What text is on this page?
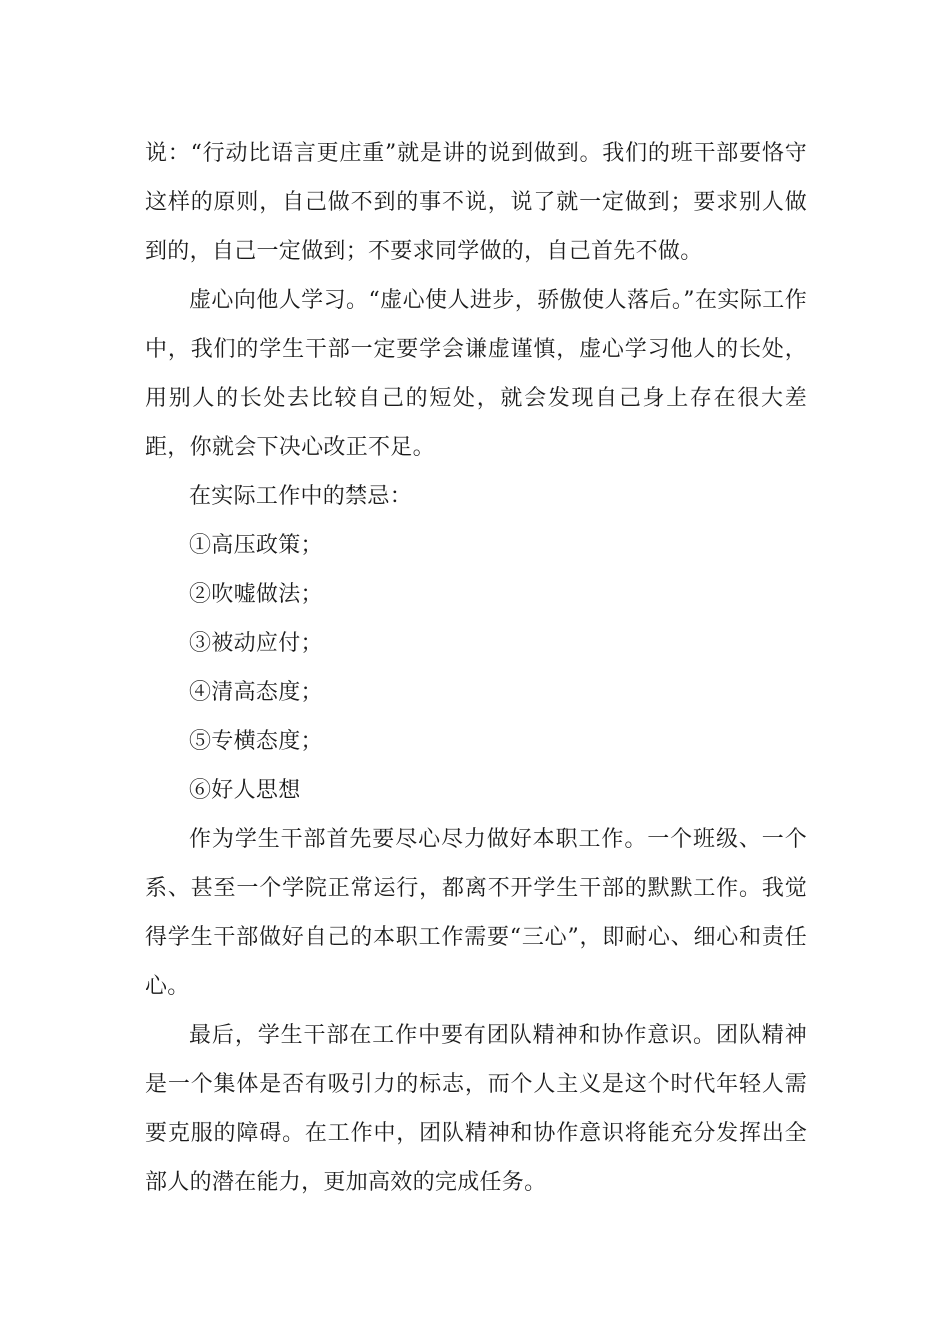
说：“行动比语言更庄重”就是讲的说到做到。我们的班干部要恪守这样的原则，自己做不到的事不说，说了就一定做到；要求别人做到的，自己一定做到；不要求同学做的，自己首先不做。

虚心向他人学习。“虚心使人进步，骄傲使人落后。”在实际工作中，我们的学生干部一定要学会谦虚谨慎，虚心学习他人的长处，用别人的长处去比较自己的短处，就会发现自己身上存在很大差距，你就会下决心改正不足。

在实际工作中的禁忌：

①高压政策；

②吹嘘做法；

③被动应付；

④清高态度；

⑤专横态度；

⑥好人思想

作为学生干部首先要尽心尽力做好本职工作。一个班级、一个系、甚至一个学院正常运行，都离不开学生干部的默默工作。我觉得学生干部做好自己的本职工作需要“三心”，即耐心、细心和责任心。

最后，学生干部在工作中要有团队精神和协作意识。团队精神是一个集体是否有吸引力的标志，而个人主义是这个时代年轻人需要克服的障碍。在工作中，团队精神和协作意识将能充分发挥出全部人的潜在能力，更加高效的完成任务。
